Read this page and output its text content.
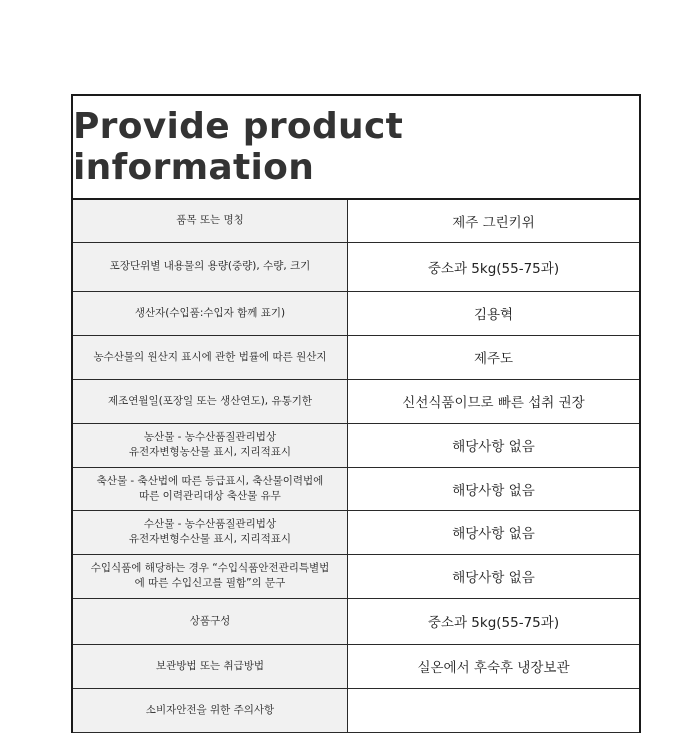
Provide product information
품목 또는 명칭	제주 그린키위

포장단위별 내용물의 용량(중량), 수량, 크기	중소과 5kg(55-75과)

생산자(수입품:수입자 함께 표기)	김용혁

농수산물의 원산지 표시에 관한 법률에 따른 원산지	제주도

제조연월일(포장일 또는 생산연도), 유통기한	신선식품이므로 빠른 섭취 권장

농산물 - 농수산품질관리법상
유전자변형농산물 표시, 지리적표시	해당사항 없음

축산물 - 축산법에 따른 등급표시, 축산물이력법에
따른 이력관리대상 축산물 유무	해당사항 없음

수산물 - 농수산품질관리법상
유전자변형수산물 표시, 지리적표시	해당사항 없음

수입식품에 해당하는 경우 “수입식품안전관리특별법
에 따른 수입신고를 필함”의 문구	해당사항 없음

상품구성	중소과 5kg(55-75과)

보관방법 또는 취급방법	실온에서 후숙후 냉장보관

소비자안전을 위한 주의사항	
